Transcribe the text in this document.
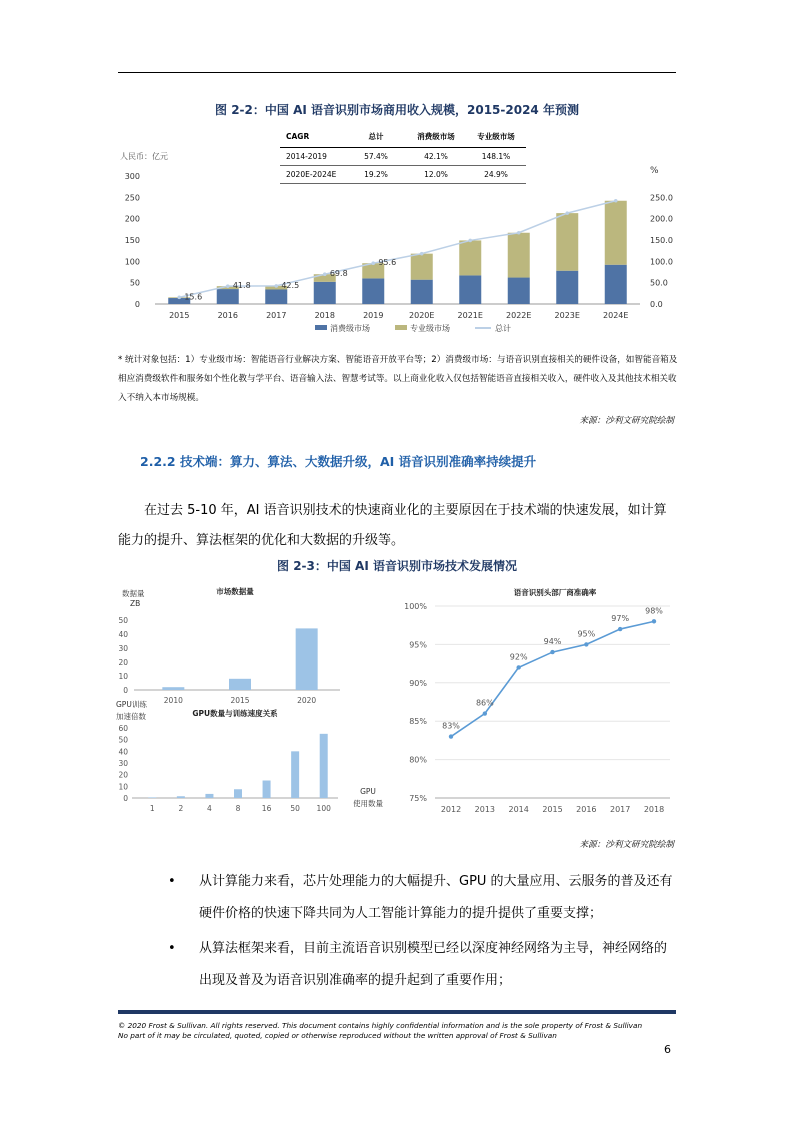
图 2-2：中国 AI 语音识别市场商用收入规模，2015-2024 年预测
CAGR	总计	消费级市场	专业级市场
2014-2019	57.4%	42.1%	148.1%
2020E-2024E	19.2%	12.0%	24.9%
人民币：亿元
%
0
50
100
150
200
250
300
0.0
50.0
100.0
150.0
200.0
250.0
2015	2016	2017	2018	2019	2020E	2021E	2022E	2023E	2024E
15.6
41.8	42.5
69.8
95.6
消费级市场	专业级市场	总计
* 统计对象包括：1）专业级市场：智能语音行业解决方案、智能语音开放平台等；2）消费级市场：与语音识别直接相关的硬件设备，如智能音箱及相应消费级软件和服务如个性化教与学平台、语音输入法、智慧考试等。以上商业化收入仅包括智能语音直接相关收入，硬件收入及其他技术相关收入不纳入本市场规模。
来源：沙利文研究院绘制
2.2.2 技术端：算力、算法、大数据升级，AI 语音识别准确率持续提升
在过去 5-10 年，AI 语音识别技术的快速商业化的主要原因在于技术端的快速发展，如计算能力的提升、算法框架的优化和大数据的升级等。
图 2-3：中国 AI 语音识别市场技术发展情况
数据量
ZB
市场数据量
0
10
20
30
40
50
2010	2015	2020
GPU训练
加速倍数	GPU数量与训练速度关系
0
10
20
30
40
50
60
1	2	4	8	16	50 100
GPU
使用数量
语音识别头部厂商准确率
75%
80%
85%
90%
95%
100%
83%
2012
86%
2013
92%
2014
94%
2015
95%
2016
97%
2017
98%
2018
来源：沙利文研究院绘制
• 从计算能力来看，芯片处理能力的大幅提升、GPU 的大量应用、云服务的普及还有硬件价格的快速下降共同为人工智能计算能力的提升提供了重要支撑；
• 从算法框架来看，目前主流语音识别模型已经以深度神经网络为主导，神经网络的出现及普及为语音识别准确率的提升起到了重要作用；
© 2020 Frost & Sullivan. All rights reserved. This document contains highly confidential information and is the sole property of Frost & Sullivan
No part of it may be circulated, quoted, copied or otherwise reproduced without the written approval of Frost & Sullivan
6
